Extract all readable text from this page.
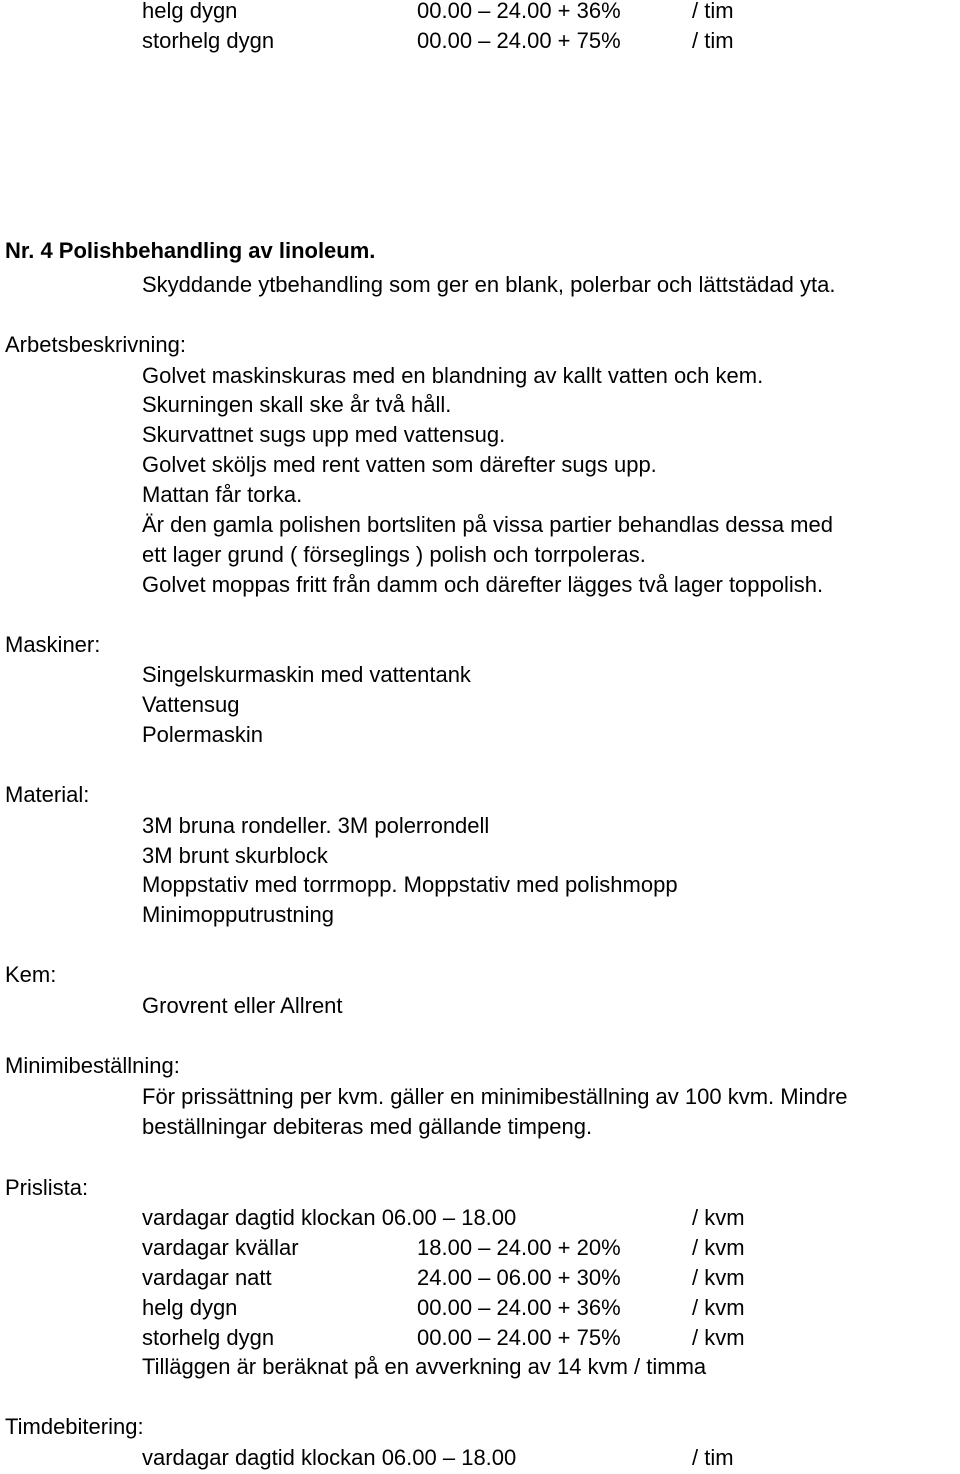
helg dygn	00.00 – 24.00 + 36%	/ tim
storhelg dygn	00.00 – 24.00 + 75%	/ tim
Nr. 4 Polishbehandling av linoleum.
Skyddande ytbehandling som ger en blank, polerbar och lättstädad yta.
Arbetsbeskrivning:
Golvet maskinskuras med en blandning av kallt vatten och kem.
Skurningen skall ske år två håll.
Skurvattnet sugs upp med vattensug.
Golvet sköljs med rent vatten som därefter sugs upp.
Mattan får torka.
Är den gamla polishen bortsliten på vissa partier behandlas dessa med
ett lager grund ( förseglings ) polish och torrpoleras.
Golvet moppas fritt från damm och därefter lägges två lager toppolish.
Maskiner:
Singelskurmaskin med vattentank
Vattensug
Polermaskin
Material:
3M bruna rondeller. 3M polerrondell
3M brunt skurblock
Moppstativ med torrmopp. Moppstativ med polishmopp
Minimopputrustning
Kem:
Grovrent eller Allrent
Minimibeställning:
För prissättning per kvm. gäller en minimibeställning av 100 kvm. Mindre
beställningar debiteras med gällande timpeng.
Prislista:
vardagar dagtid klockan 06.00 – 18.00	/ kvm
vardagar kvällar	18.00 – 24.00 + 20%	/ kvm
vardagar natt	24.00 – 06.00 + 30%	/ kvm
helg dygn	00.00 – 24.00 + 36%	/ kvm
storhelg dygn	00.00 – 24.00 + 75%	/ kvm
Tilläggen är beräknat på en avverkning av 14 kvm / timma
Timdebitering:
vardagar dagtid klockan 06.00 – 18.00	/ tim
